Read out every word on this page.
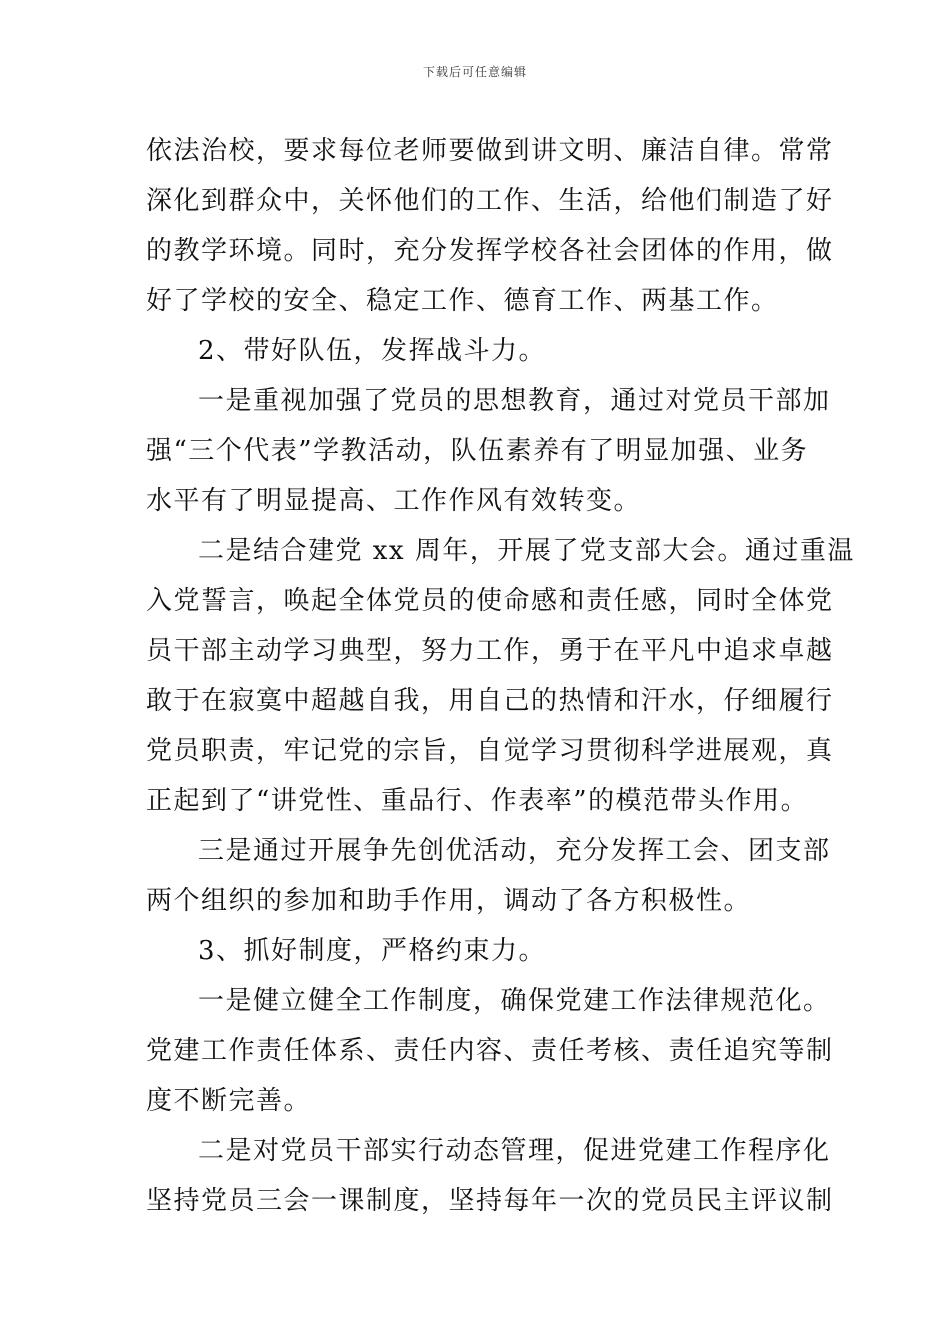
下载后可任意编辑
依法治校，要求每位老师要做到讲文明、廉洁自律。常常
深化到群众中，关怀他们的工作、生活，给他们制造了好
的教学环境。同时，充分发挥学校各社会团体的作用，做
好了学校的安全、稳定工作、德育工作、两基工作。
2、带好队伍，发挥战斗力。
一是重视加强了党员的思想教育，通过对党员干部加
强“三个代表”学教活动，队伍素养有了明显加强、业务
水平有了明显提高、工作作风有效转变。
二是结合建党 xx 周年，开展了党支部大会。通过重温
入党誓言，唤起全体党员的使命感和责任感，同时全体党
员干部主动学习典型，努力工作，勇于在平凡中追求卓越
敢于在寂寞中超越自我，用自己的热情和汗水，仔细履行
党员职责，牢记党的宗旨，自觉学习贯彻科学进展观，真
正起到了“讲党性、重品行、作表率”的模范带头作用。
三是通过开展争先创优活动，充分发挥工会、团支部
两个组织的参加和助手作用，调动了各方积极性。
3、抓好制度，严格约束力。
一是健立健全工作制度，确保党建工作法律规范化。
党建工作责任体系、责任内容、责任考核、责任追究等制
度不断完善。
二是对党员干部实行动态管理，促进党建工作程序化
坚持党员三会一课制度，坚持每年一次的党员民主评议制
